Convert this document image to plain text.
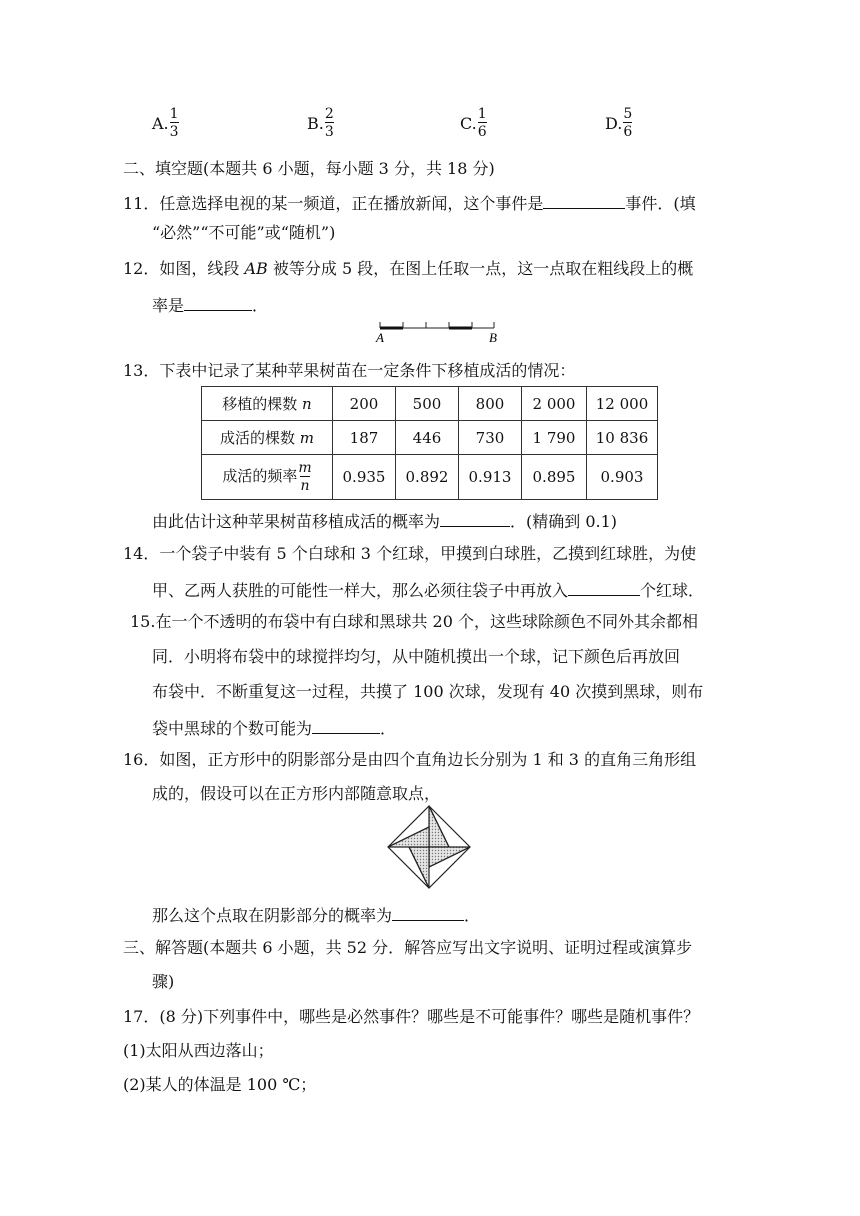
A. $\frac{1}{3}$	B. $\frac{2}{3}$	C. $\frac{1}{6}$	D. $\frac{5}{6}$
二、填空题(本题共 6 小题，每小题 3 分，共 18 分)
11．任意选择电视的某一频道，正在播放新闻，这个事件是	事件．(填
“必然”“不可能”或“随机”)
12．如图，线段 AB 被等分成 5 段，在图上任取一点，这一点取在粗线段上的概
率是	．
A	B
13．下表中记录了某种苹果树苗在一定条件下移植成活的情况：
移植的棵数 n	200	500	800	2 000	12 000
成活的棵数 m	187	446	730	1 790	10 836
成活的频率 $\frac{m}{n}$	0.935	0.892	0.913	0.895	0.903
由此估计这种苹果树苗移植成活的概率为	．(精确到 0.1)
14．一个袋子中装有 5 个白球和 3 个红球，甲摸到白球胜，乙摸到红球胜，为使
甲、乙两人获胜的可能性一样大，那么必须往袋子中再放入	个红球．
15.在一个不透明的布袋中有白球和黑球共 20 个，这些球除颜色不同外其余都相
同．小明将布袋中的球搅拌均匀，从中随机摸出一个球，记下颜色后再放回
布袋中．不断重复这一过程，共摸了 100 次球，发现有 40 次摸到黑球，则布
袋中黑球的个数可能为	．
16．如图，正方形中的阴影部分是由四个直角边长分别为 1 和 3 的直角三角形组
成的，假设可以在正方形内部随意取点，
那么这个点取在阴影部分的概率为	．
三、解答题(本题共 6 小题，共 52 分．解答应写出文字说明、证明过程或演算步
骤)
17．(8 分)下列事件中，哪些是必然事件？哪些是不可能事件？哪些是随机事件？
(1)太阳从西边落山；
(2)某人的体温是 100 ℃；
